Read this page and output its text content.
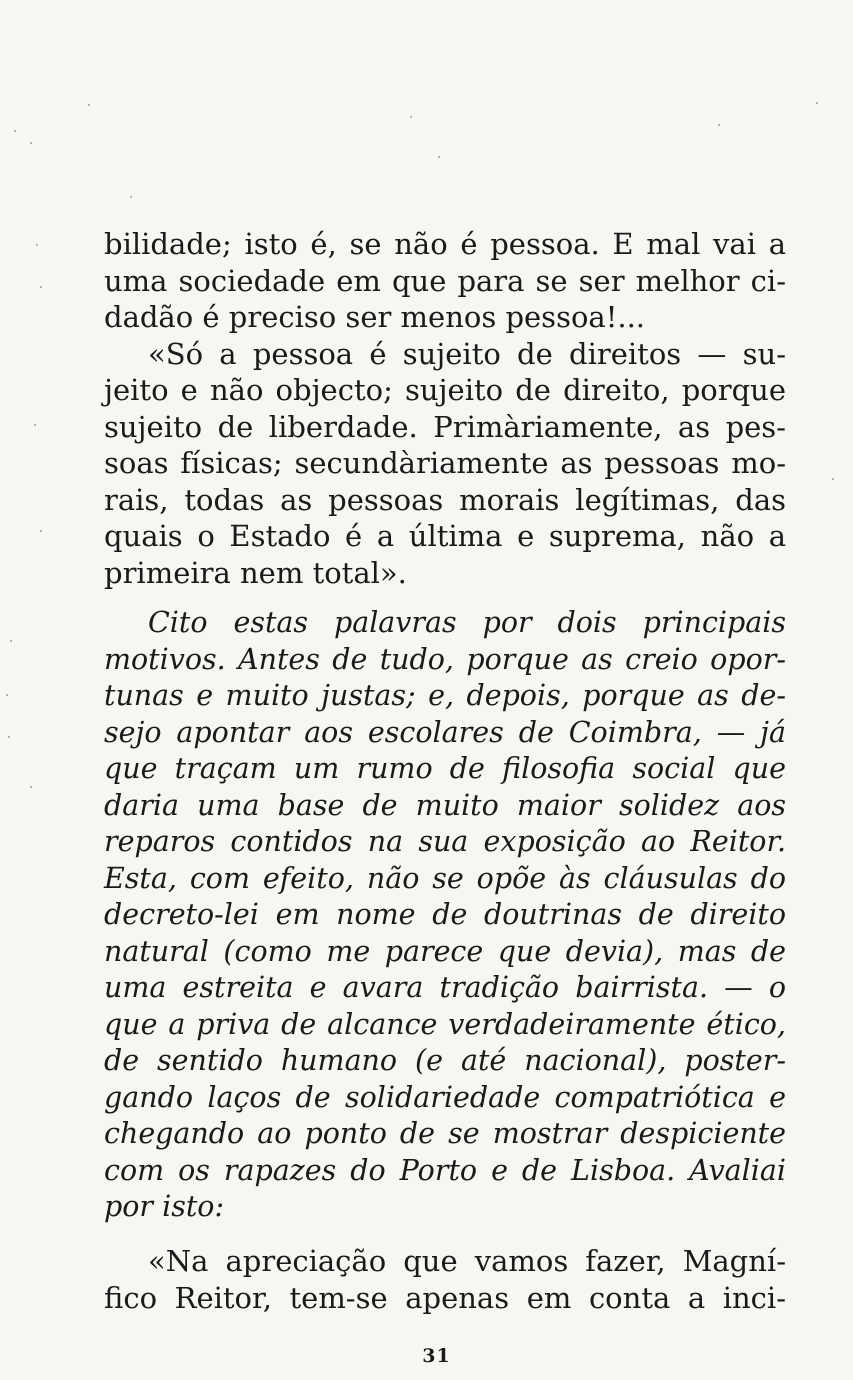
bilidade; isto é, se não é pessoa. E mal vai a
uma sociedade em que para se ser melhor ci-
dadão é preciso ser menos pessoa!...
«Só a pessoa é sujeito de direitos — su-
jeito e não objecto; sujeito de direito, porque
sujeito de liberdade. Primàriamente, as pes-
soas físicas; secundàriamente as pessoas mo-
rais, todas as pessoas morais legítimas, das
quais o Estado é a última e suprema, não a
primeira nem total».
Cito estas palavras por dois principais
motivos. Antes de tudo, porque as creio opor-
tunas e muito justas; e, depois, porque as de-
sejo apontar aos escolares de Coimbra, — já
que traçam um rumo de filosofia social que
daria uma base de muito maior solidez aos
reparos contidos na sua exposição ao Reitor.
Esta, com efeito, não se opõe às cláusulas do
decreto-lei em nome de doutrinas de direito
natural (como me parece que devia), mas de
uma estreita e avara tradição bairrista. — o
que a priva de alcance verdadeiramente ético,
de sentido humano (e até nacional), poster-
gando laços de solidariedade compatriótica e
chegando ao ponto de se mostrar despiciente
com os rapazes do Porto e de Lisboa. Avaliai
por isto:
«Na apreciação que vamos fazer, Magní-
fico Reitor, tem-se apenas em conta a inci-
31
